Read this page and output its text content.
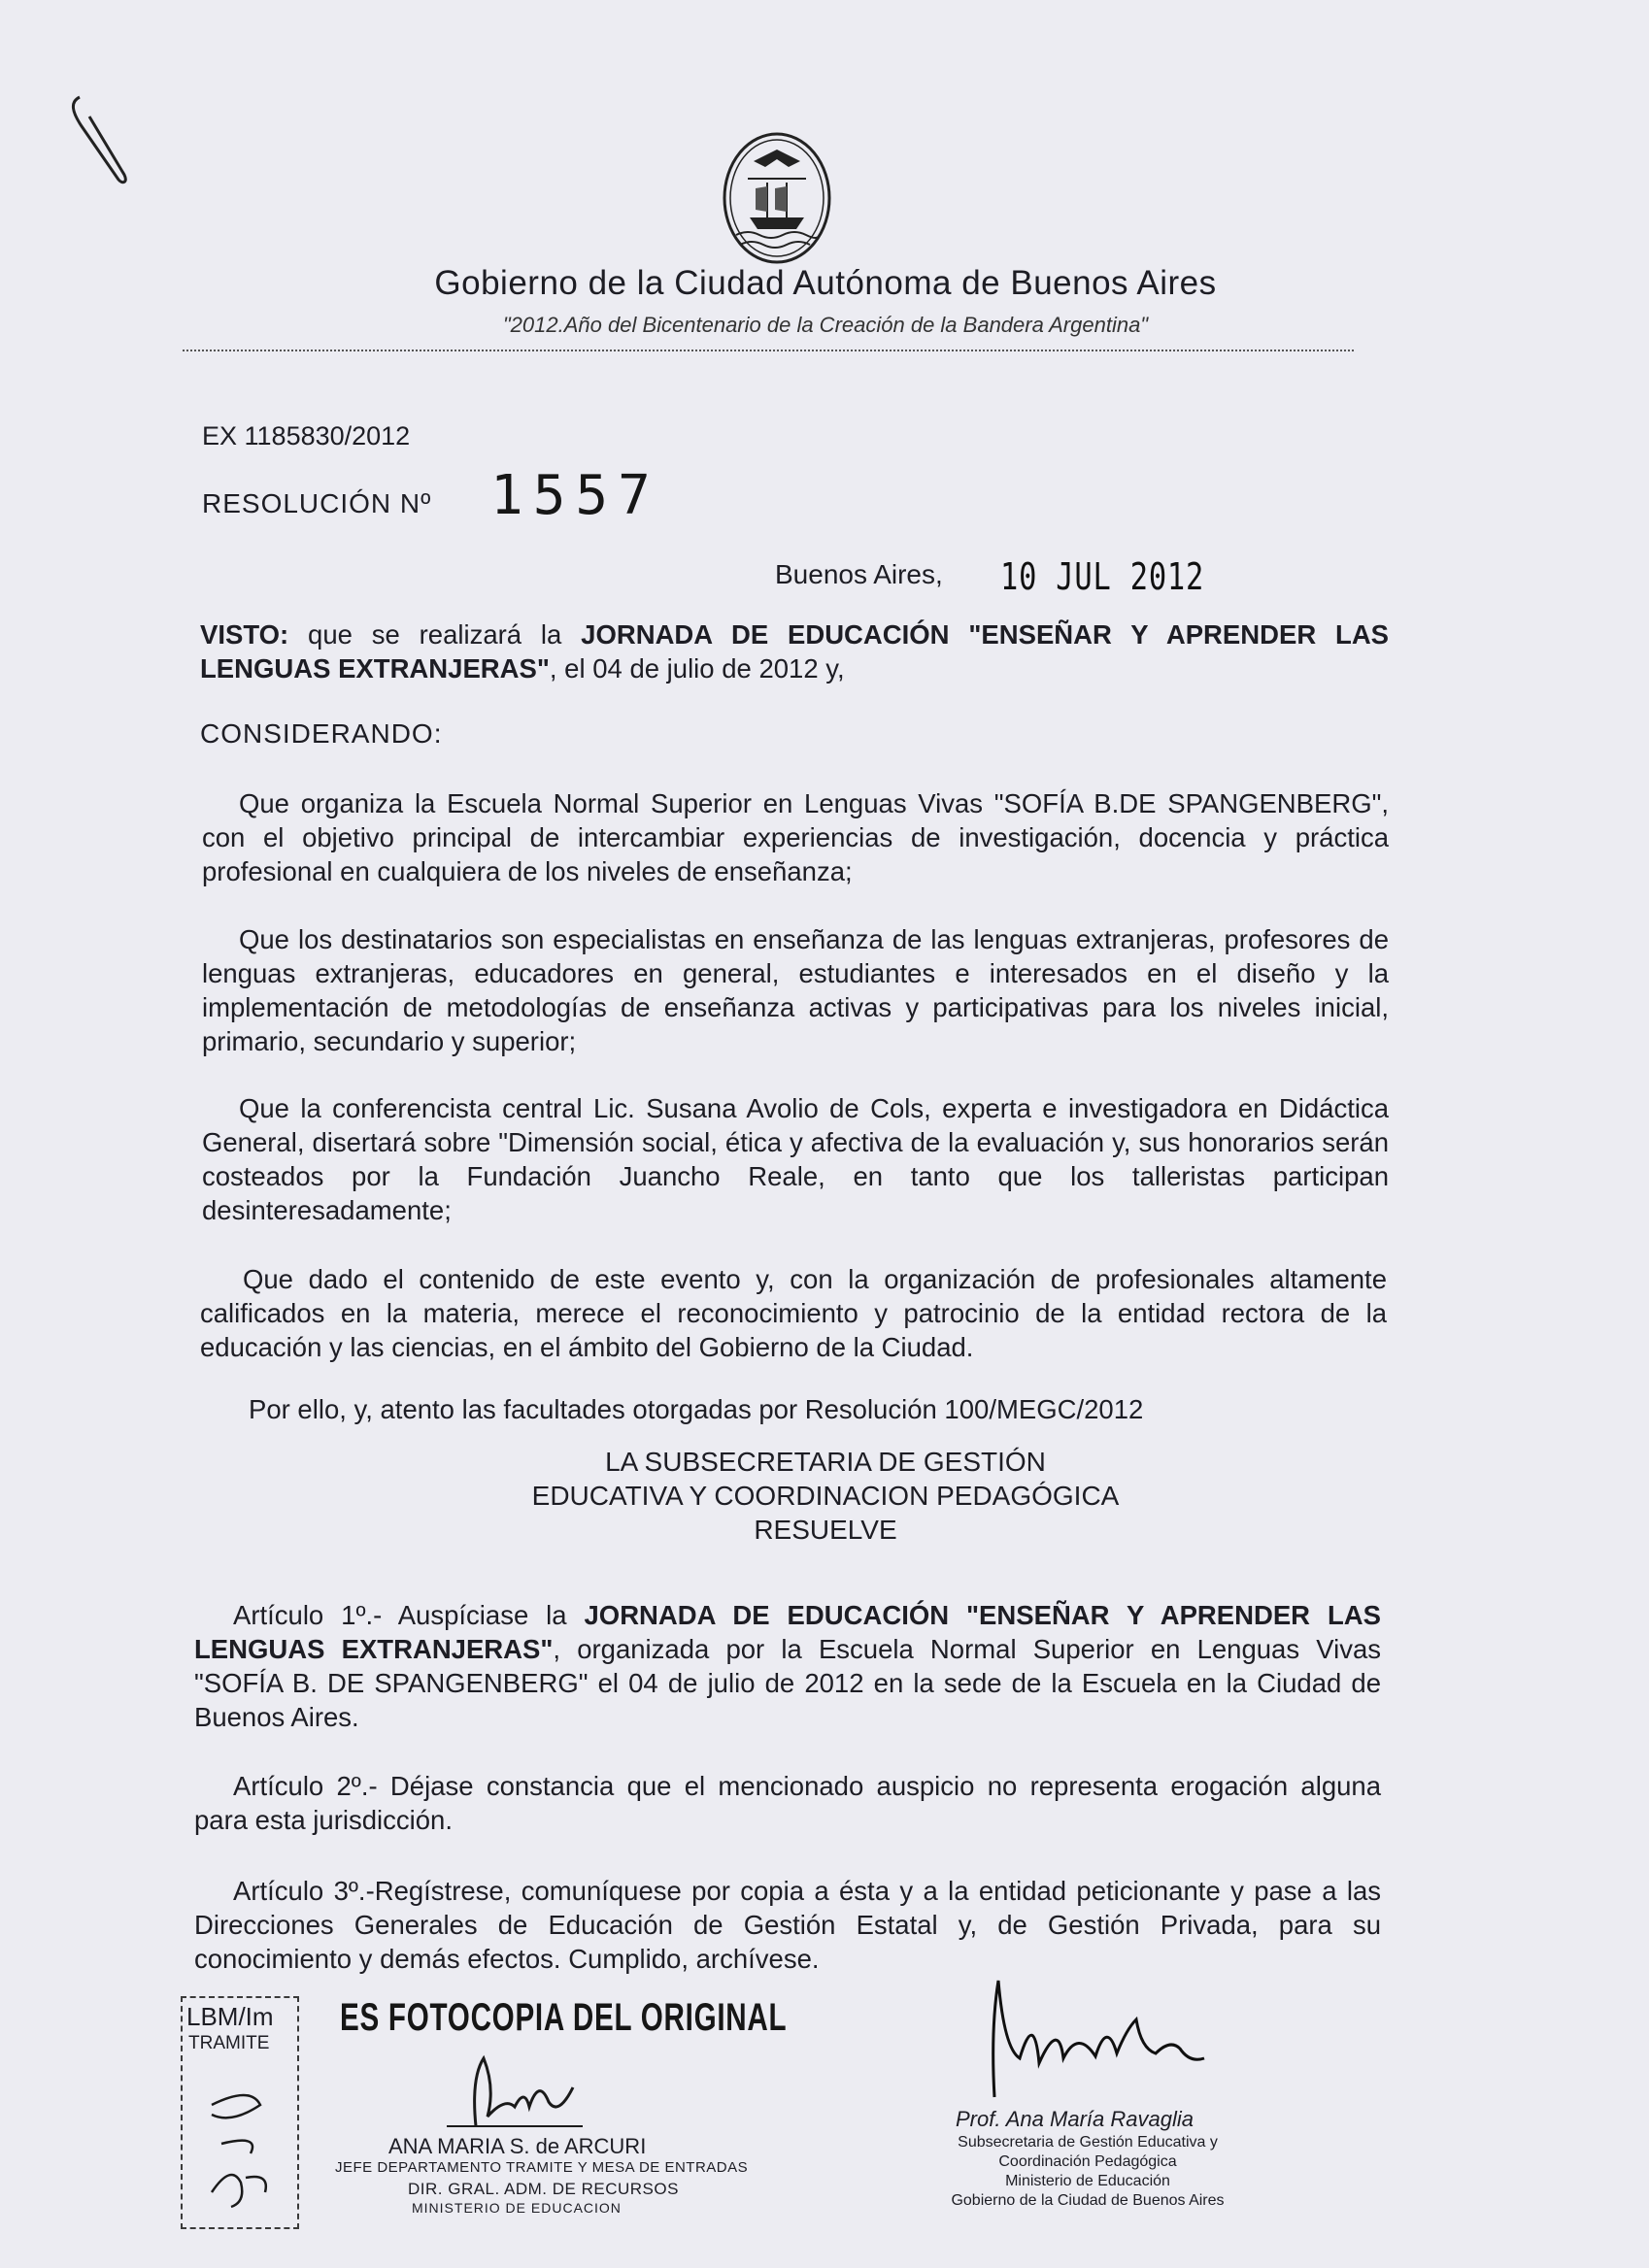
Gobierno de la Ciudad Autónoma de Buenos Aires
"2012.Año del Bicentenario de la Creación de la Bandera Argentina"
EX 1185830/2012
RESOLUCIÓN Nº 1557
Buenos Aires, 10 JUL 2012

VISTO: que se realizará la JORNADA DE EDUCACIÓN "ENSEÑAR Y APRENDER LAS LENGUAS EXTRANJERAS", el 04 de julio de 2012 y,

CONSIDERANDO:

Que organiza la Escuela Normal Superior en Lenguas Vivas "SOFÍA B.DE SPANGENBERG", con el objetivo principal de intercambiar experiencias de investigación, docencia y práctica profesional en cualquiera de los niveles de enseñanza;

Que los destinatarios son especialistas en enseñanza de las lenguas extranjeras, profesores de lenguas extranjeras, educadores en general, estudiantes e interesados en el diseño y la implementación de metodologías de enseñanza activas y participativas para los niveles inicial, primario, secundario y superior;

Que la conferencista central Lic. Susana Avolio de Cols, experta e investigadora en Didáctica General, disertará sobre "Dimensión social, ética y afectiva de la evaluación y, sus honorarios serán costeados por la Fundación Juancho Reale, en tanto que los talleristas participan desinteresadamente;

Que dado el contenido de este evento y, con la organización de profesionales altamente calificados en la materia, merece el reconocimiento y patrocinio de la entidad rectora de la educación y las ciencias, en el ámbito del Gobierno de la Ciudad.

Por ello, y, atento las facultades otorgadas por Resolución 100/MEGC/2012
LA SUBSECRETARIA DE GESTIÓN
EDUCATIVA Y COORDINACION PEDAGÓGICA
RESUELVE

Artículo 1º.- Auspíciase la JORNADA DE EDUCACIÓN "ENSEÑAR Y APRENDER LAS LENGUAS EXTRANJERAS", organizada por la Escuela Normal Superior en Lenguas Vivas "SOFÍA B. DE SPANGENBERG" el 04 de julio de 2012 en la sede de la Escuela en la Ciudad de Buenos Aires.

Artículo 2º.- Déjase constancia que el mencionado auspicio no representa erogación alguna para esta jurisdicción.

Artículo 3º.-Regístrese, comuníquese por copia a ésta y a la entidad peticionante y pase a las Direcciones Generales de Educación de Gestión Estatal y, de Gestión Privada, para su conocimiento y demás efectos. Cumplido, archívese.

LBM/Im
TRAMITE
ES FOTOCOPIA DEL ORIGINAL
ANA MARIA S. de ARCURI
JEFE DEPARTAMENTO TRAMITE Y MESA DE ENTRADAS
DIR. GRAL. ADM. DE RECURSOS
MINISTERIO DE EDUCACION
Prof. Ana María Ravaglia
Subsecretaria de Gestión Educativa y
Coordinación Pedagógica
Ministerio de Educación
Gobierno de la Ciudad de Buenos Aires
